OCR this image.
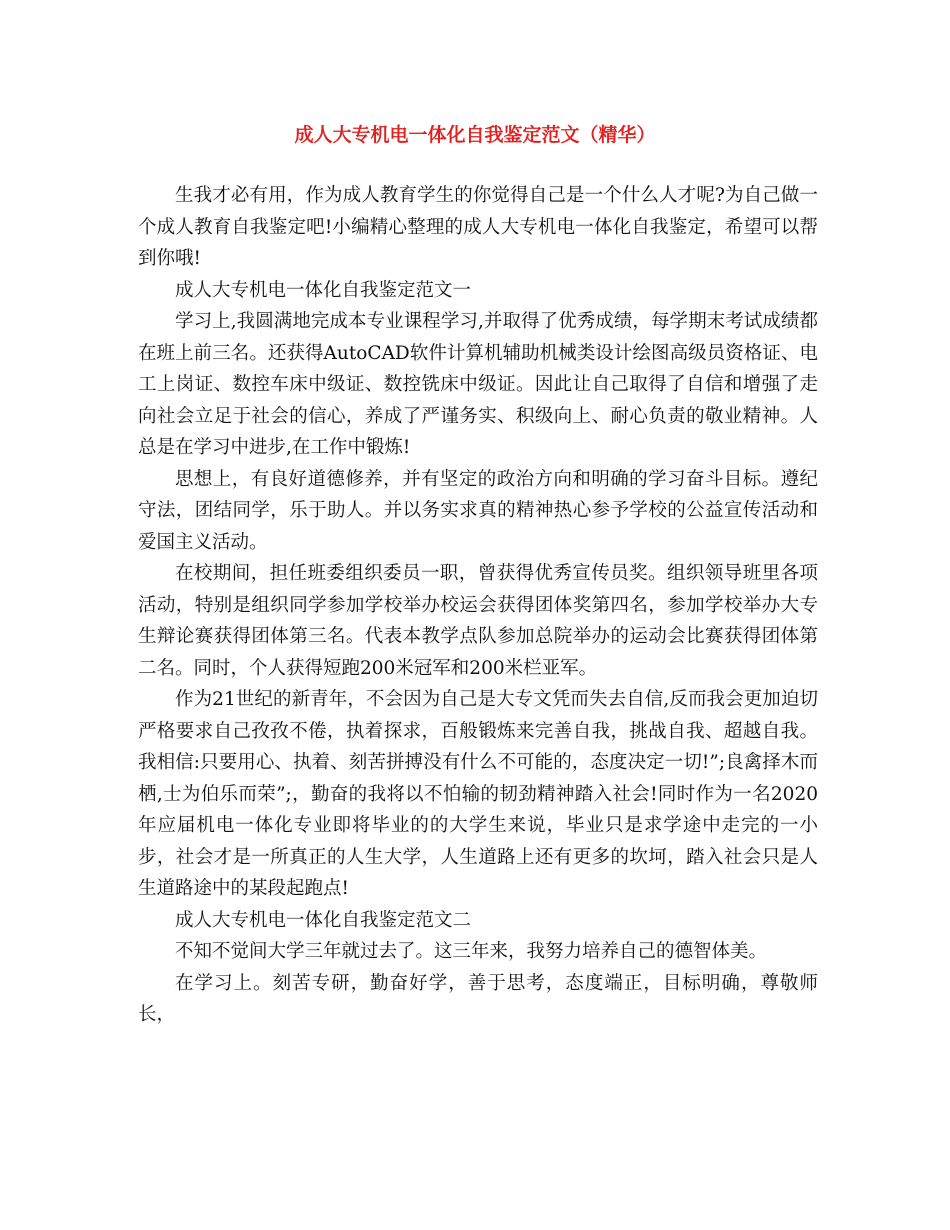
成人大专机电一体化自我鉴定范文（精华）

生我才必有用，作为成人教育学生的你觉得自己是一个什么人才呢?为自己做一个成人教育自我鉴定吧!小编精心整理的成人大专机电一体化自我鉴定，希望可以帮到你哦!

成人大专机电一体化自我鉴定范文一

学习上,我圆满地完成本专业课程学习,并取得了优秀成绩，每学期末考试成绩都在班上前三名。还获得AutoCAD软件计算机辅助机械类设计绘图高级员资格证、电工上岗证、数控车床中级证、数控铣床中级证。因此让自己取得了自信和增强了走向社会立足于社会的信心，养成了严谨务实、积级向上、耐心负责的敬业精神。人总是在学习中进步,在工作中锻炼!

思想上，有良好道德修养，并有坚定的政治方向和明确的学习奋斗目标。遵纪守法，团结同学，乐于助人。并以务实求真的精神热心参予学校的公益宣传活动和爱国主义活动。

在校期间，担任班委组织委员一职，曾获得优秀宣传员奖。组织领导班里各项活动，特别是组织同学参加学校举办校运会获得团体奖第四名，参加学校举办大专生辩论赛获得团体第三名。代表本教学点队参加总院举办的运动会比赛获得团体第二名。同时，个人获得短跑200米冠军和200米栏亚军。

作为21世纪的新青年，不会因为自己是大专文凭而失去自信,反而我会更加迫切严格要求自己孜孜不倦，执着探求，百般锻炼来完善自我，挑战自我、超越自我。我相信:只要用心、执着、刻苦拼搏没有什么不可能的，态度决定一切!”;良禽择木而栖,士为伯乐而荣”;，勤奋的我将以不怕输的韧劲精神踏入社会!同时作为一名2020年应届机电一体化专业即将毕业的的大学生来说，毕业只是求学途中走完的一小步，社会才是一所真正的人生大学，人生道路上还有更多的坎坷，踏入社会只是人生道路途中的某段起跑点!

成人大专机电一体化自我鉴定范文二

不知不觉间大学三年就过去了。这三年来，我努力培养自己的德智体美。

在学习上。刻苦专研，勤奋好学，善于思考，态度端正，目标明确，尊敬师长，
